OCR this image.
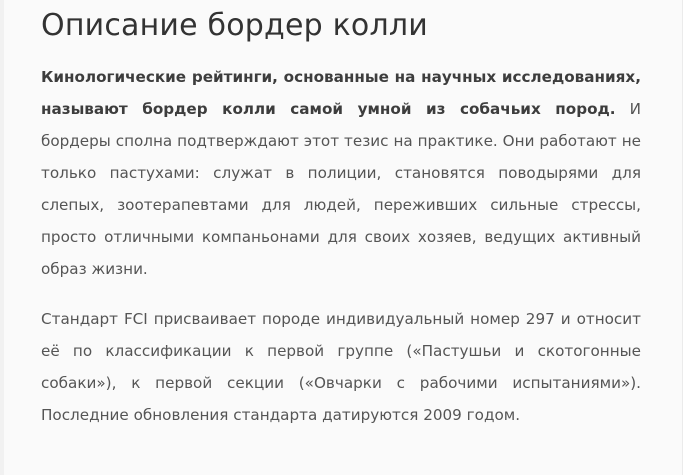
Описание бордер колли

Кинологические рейтинги, основанные на научных исследованиях, называют бордер колли самой умной из собачьих пород. И бордеры сполна подтверждают этот тезис на практике. Они работают не только пастухами: служат в полиции, становятся поводырями для слепых, зоотерапевтами для людей, переживших сильные стрессы, просто отличными компаньонами для своих хозяев, ведущих активный образ жизни.

Стандарт FCI присваивает породе индивидуальный номер 297 и относит её по классификации к первой группе («Пастушьи и скотогонные собаки»), к первой секции («Овчарки с рабочими испытаниями»). Последние обновления стандарта датируются 2009 годом.
